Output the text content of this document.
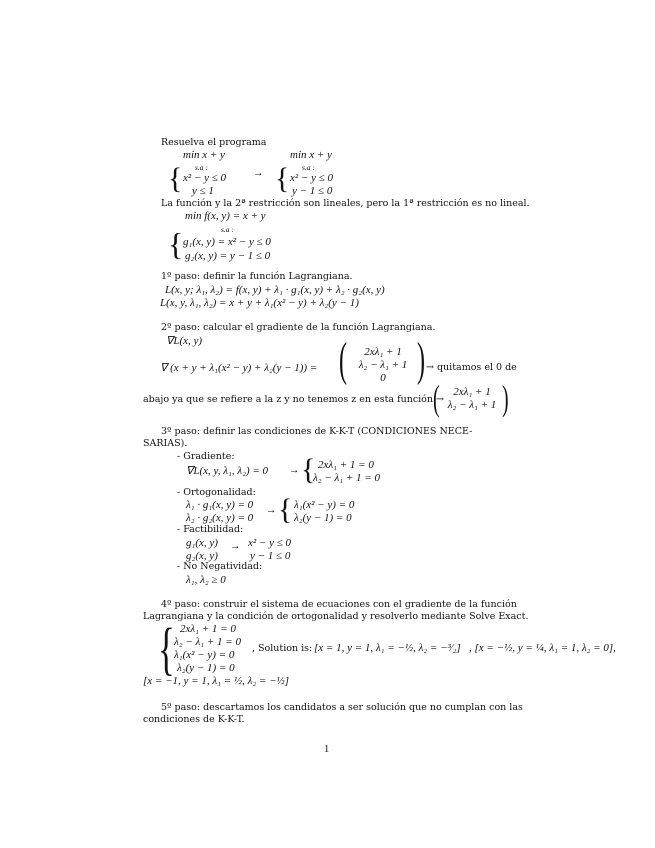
Resuelva el programa
min x + y
s.a :
{ x² − y ≤ 0
y ≤ 1
→
min x + y
s.a :
{ x² − y ≤ 0
y − 1 ≤ 0
La función y la 2ª restricción son lineales, pero la 1ª restricción es no lineal.
min f(x, y) = x + y
s.a :
{ g₁(x, y) = x² − y ≤ 0
g₂(x, y) = y − 1 ≤ 0
1º paso: definir la función Lagrangiana.
L(x, y; λ₁, λ₂) = f(x, y) + λ₁ · g₁(x, y) + λ₂ · g₂(x, y)
L(x, y, λ₁, λ₂) = x + y + λ₁(x² − y) + λ₂(y − 1)
2º paso: calcular el gradiente de la función Lagrangiana.
∇L(x, y)
∇ (x + y + λ₁(x² − y) + λ₂(y − 1)) = (	2xλ₁ + 1
λ₂ − λ₁ + 1
0 ) → quitamos el 0 de
abajo ya que se refiere a la z y no tenemos z en esta función →
(	2xλ₁ + 1
λ₂ − λ₁ + 1 )
3º paso: definir las condiciones de K-K-T (CONDICIONES NECE-
SARIAS).
- Gradiente:
∇L(x, y, λ₁, λ₂) = 0 → { 2xλ₁ + 1 = 0
λ₂ − λ₁ + 1 = 0
- Ortogonalidad:
λ₁ · g₁(x, y) = 0
λ₂ · g₂(x, y) = 0
→ { λ₁(x² − y) = 0
λ₂(y − 1) = 0
- Factibilidad:
g₁(x, y)
g₂(x, y)
→ x² − y ≤ 0
y − 1 ≤ 0
- No Negatividad:
λ₁, λ₂ ≥ 0
4º paso: construir el sistema de ecuaciones con el gradiente de la función
Lagrangiana y la condición de ortogonalidad y resolverlo mediante Solve Exact.
{ 2xλ₁ + 1 = 0
λ₂ − λ₁ + 1 = 0
λ₁(x² − y) = 0
λ₂(y − 1) = 0
, Solution is: [x = 1, y = 1, λ₁ = −½, λ₂ = −³⁄₂] , [x = −½, y = ¼, λ₁ = 1, λ₂ = 0],
[x = −1, y = 1, λ₁ = ½, λ₂ = −½]
5º paso: descartamos los candidatos a ser solución que no cumplan con las
condiciones de K-K-T.
1
